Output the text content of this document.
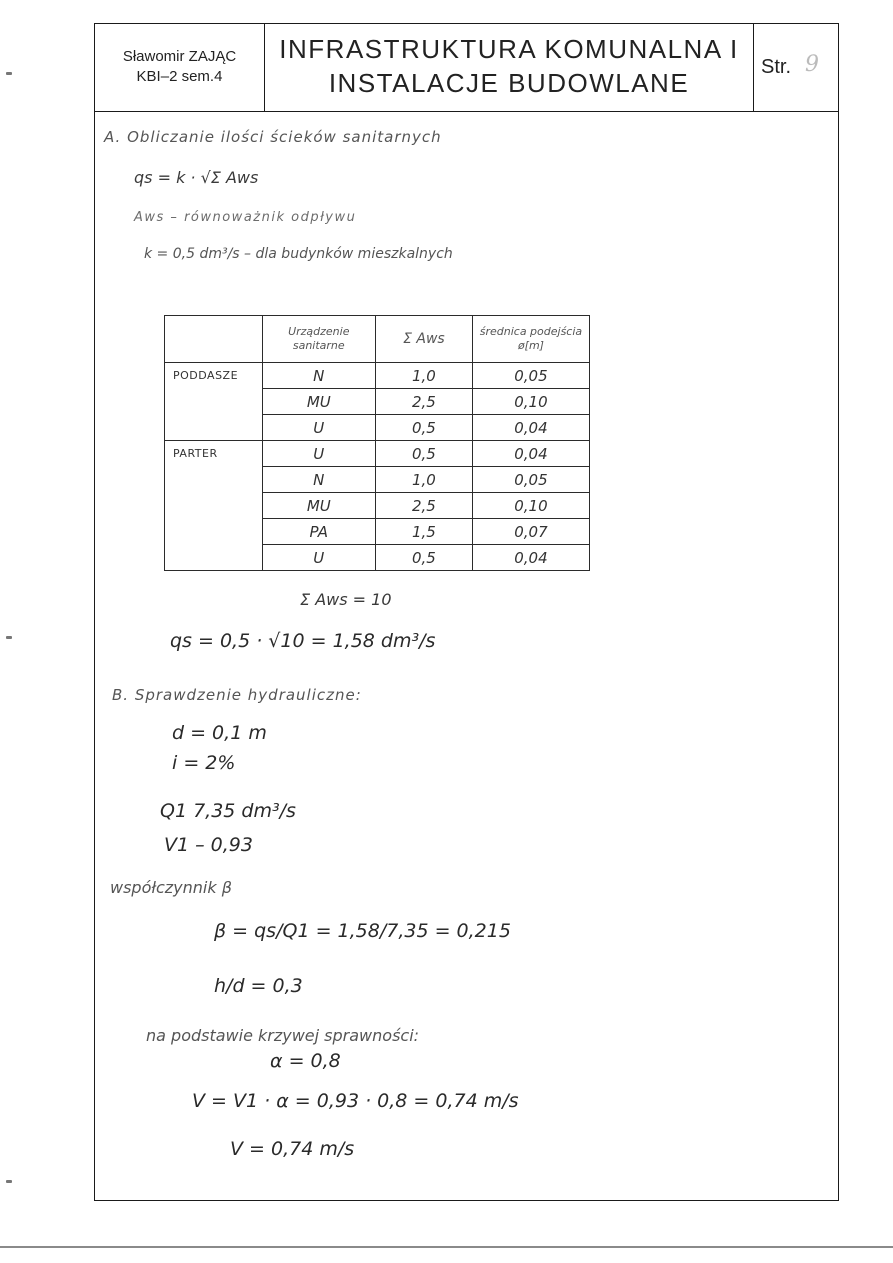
Sławomir ZAJĄC
KBI–2 sem.4
INFRASTRUKTURA KOMUNALNA I
INSTALACJE BUDOWLANE
Str. 9
A. Obliczanie ilości ścieków sanitarnych
qs = k · √Σ Aws
Aws – równoważnik odpływu
k = 0,5 dm³/s – dla budynków mieszkalnych
	Urządzenie sanitarne	Σ Aws	średnica podejścia ø[m]
PODDASZE	N	1,0	0,05
	MU	2,5	0,10
	U	0,5	0,04
PARTER	U	0,5	0,04
	N	1,0	0,05
	MU	2,5	0,10
	PA	1,5	0,07
	U	0,5	0,04
Σ Aws = 10
qs = 0,5 · √10 = 1,58 dm³/s
B. Sprawdzenie hydrauliczne:
d = 0,1 m
i = 2%
Q1 7,35 dm³/s
V1 – 0,93
współczynnik β
β = qs/Q1 = 1,58/7,35 = 0,215
h/d = 0,3
na podstawie krzywej sprawności:
α = 0,8
V = V1 · α = 0,93 · 0,8 = 0,74 m/s
V = 0,74 m/s
